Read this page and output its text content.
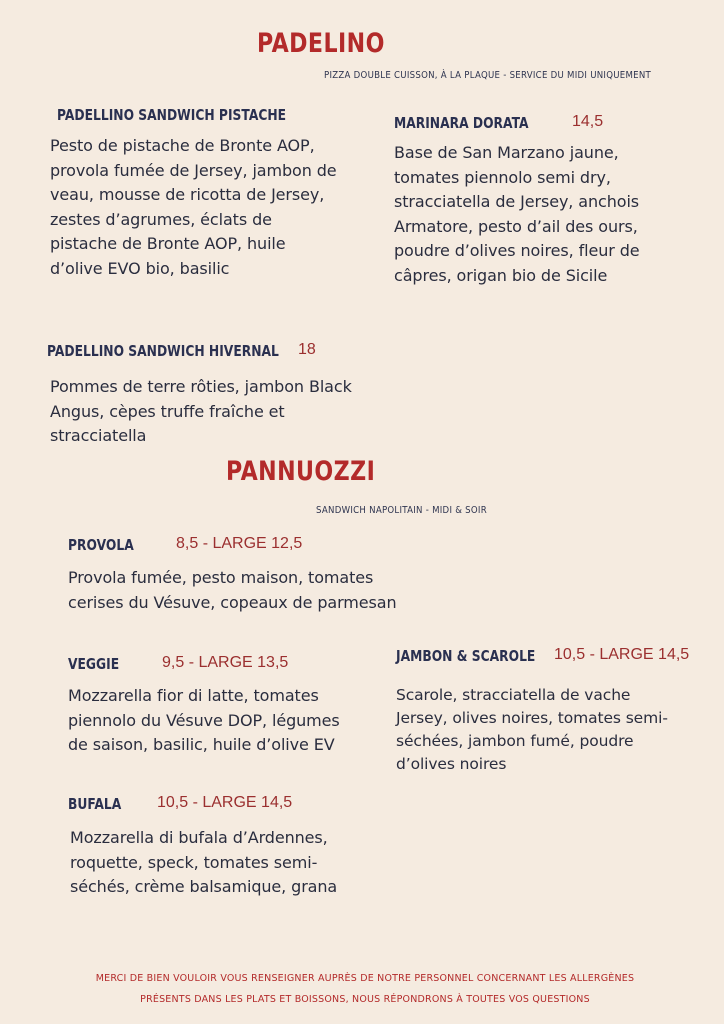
PADELINO
PIZZA DOUBLE CUISSON, À LA PLAQUE - SERVICE DU MIDI UNIQUEMENT
PADELLINO SANDWICH PISTACHE
Pesto de pistache de Bronte AOP, provola fumée de Jersey, jambon de veau, mousse de ricotta de Jersey, zestes d’agrumes, éclats de pistache de Bronte AOP, huile d’olive EVO bio, basilic
MARINARA DORATA	14,5
Base de San Marzano jaune, tomates piennolo semi dry, stracciatella de Jersey, anchois Armatore, pesto d’ail des ours, poudre d’olives noires, fleur de câpres, origan bio de Sicile
PADELLINO SANDWICH HIVERNAL 18
Pommes de terre rôties, jambon Black Angus, cèpes truffe fraîche et stracciatella
PANNUOZZI
SANDWICH NAPOLITAIN - MIDI & SOIR
PROVOLA	8,5 - LARGE 12,5
Provola fumée, pesto maison, tomates cerises du Vésuve, copeaux de parmesan
VEGGIE	9,5 - LARGE 13,5
Mozzarella fior di latte, tomates piennolo du Vésuve DOP, légumes de saison, basilic, huile d’olive EV
JAMBON & SCAROLE 10,5 - LARGE 14,5
Scarole, stracciatella de vache Jersey, olives noires, tomates semi-séchées, jambon fumé, poudre d’olives noires
BUFALA 10,5 - LARGE 14,5
Mozzarella di bufala d’Ardennes, roquette, speck, tomates semi-séchés, crème balsamique, grana
MERCI DE BIEN VOULOIR VOUS RENSEIGNER AUPRÈS DE NOTRE PERSONNEL CONCERNANT LES ALLERGÈNES PRÉSENTS DANS LES PLATS ET BOISSONS, NOUS RÉPONDRONS À TOUTES VOS QUESTIONS
